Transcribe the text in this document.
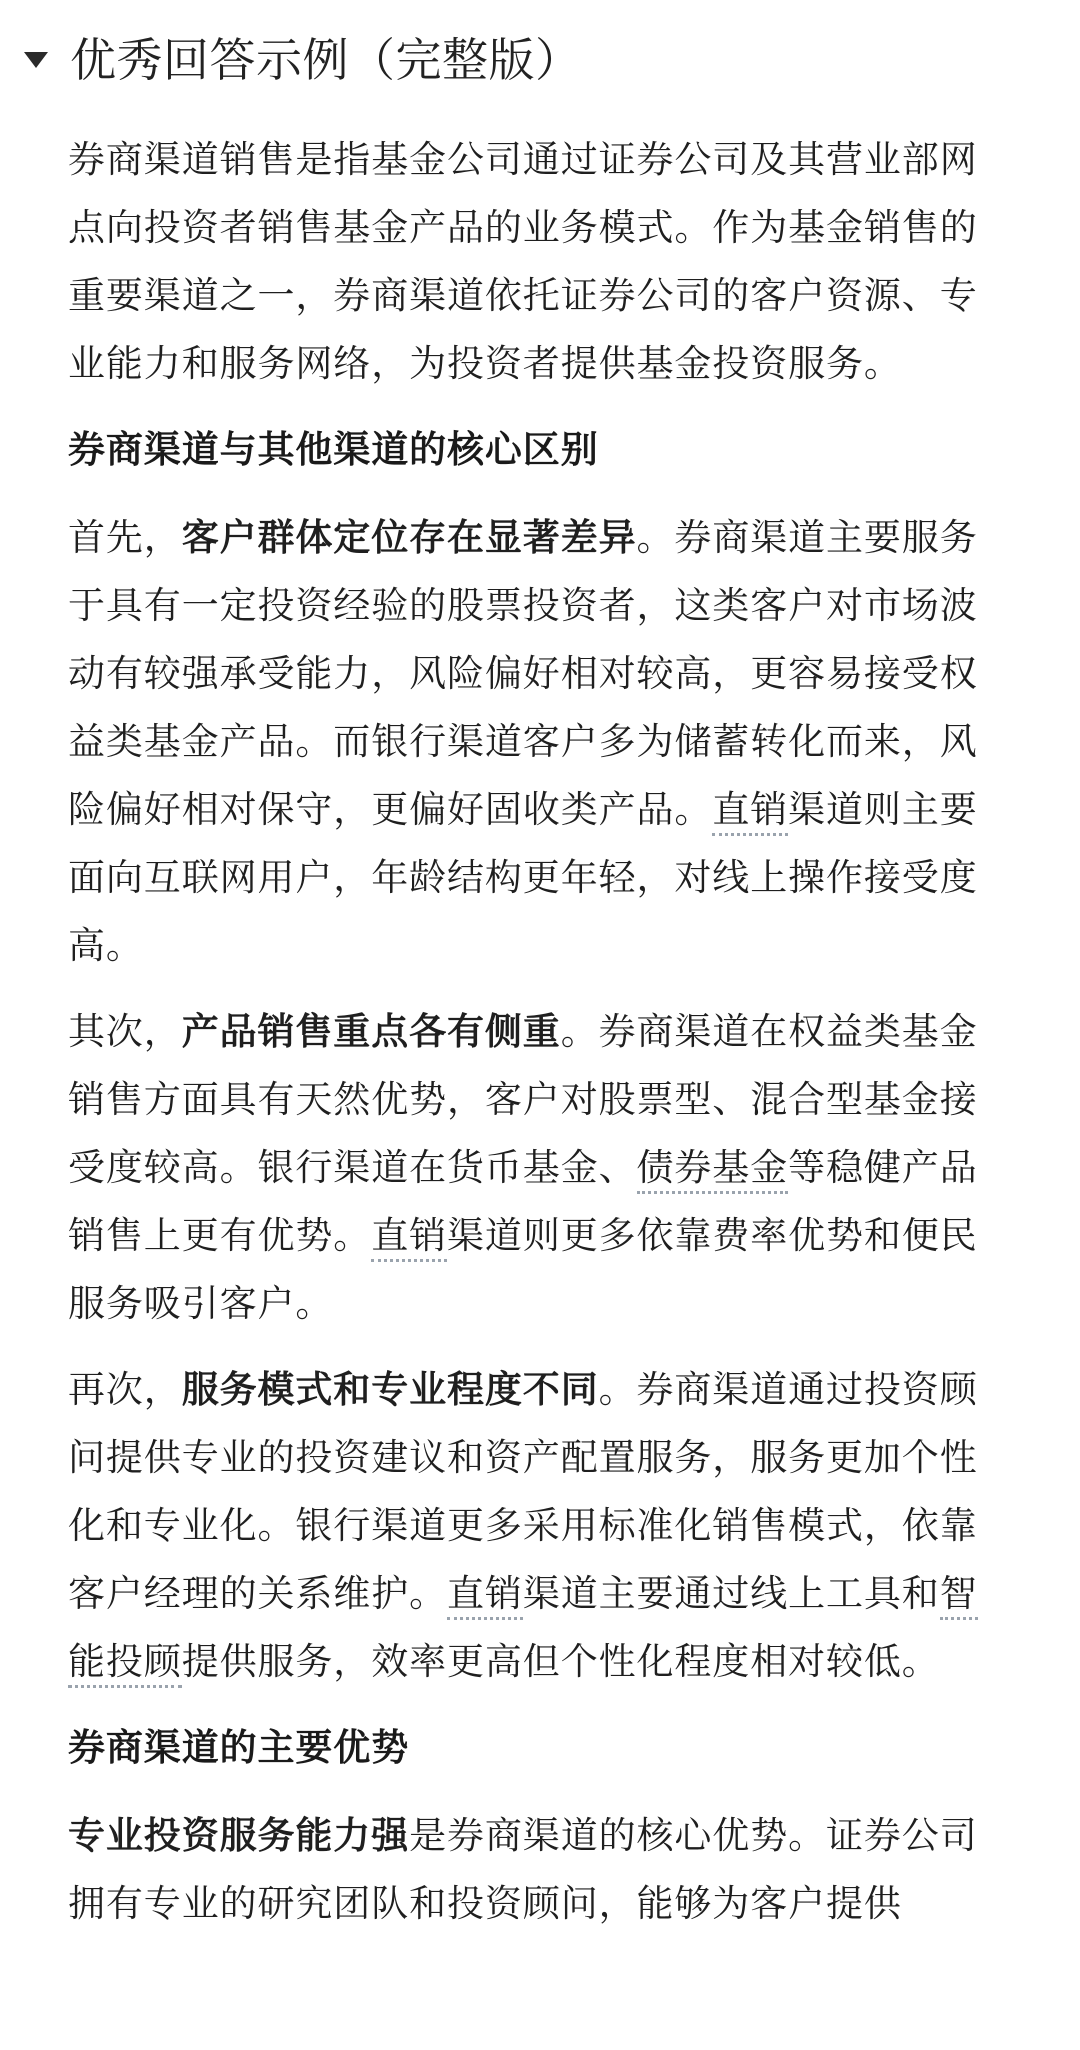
优秀回答示例（完整版）

券商渠道销售是指基金公司通过证券公司及其营业部网点向投资者销售基金产品的业务模式。作为基金销售的重要渠道之一，券商渠道依托证券公司的客户资源、专业能力和服务网络，为投资者提供基金投资服务。

券商渠道与其他渠道的核心区别

首先，客户群体定位存在显著差异。券商渠道主要服务于具有一定投资经验的股票投资者，这类客户对市场波动有较强承受能力，风险偏好相对较高，更容易接受权益类基金产品。而银行渠道客户多为储蓄转化而来，风险偏好相对保守，更偏好固收类产品。直销渠道则主要面向互联网用户，年龄结构更年轻，对线上操作接受度高。

其次，产品销售重点各有侧重。券商渠道在权益类基金销售方面具有天然优势，客户对股票型、混合型基金接受度较高。银行渠道在货币基金、债券基金等稳健产品销售上更有优势。直销渠道则更多依靠费率优势和便民服务吸引客户。

再次，服务模式和专业程度不同。券商渠道通过投资顾问提供专业的投资建议和资产配置服务，服务更加个性化和专业化。银行渠道更多采用标准化销售模式，依靠客户经理的关系维护。直销渠道主要通过线上工具和智能投顾提供服务，效率更高但个性化程度相对较低。

券商渠道的主要优势

专业投资服务能力强是券商渠道的核心优势。证券公司拥有专业的研究团队和投资顾问，能够为客户提供
